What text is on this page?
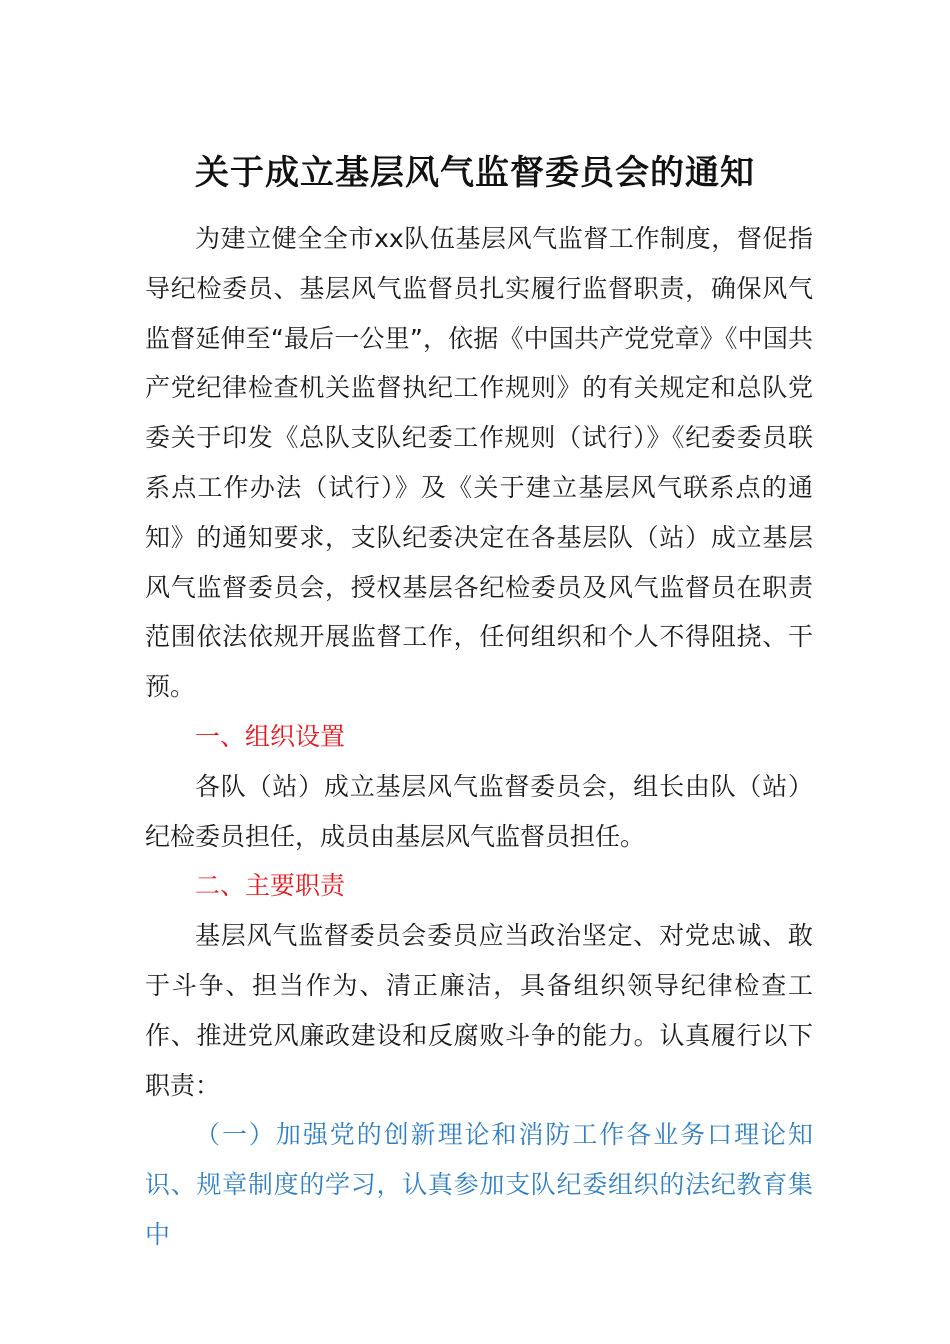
关于成立基层风气监督委员会的通知

为建立健全全市xx队伍基层风气监督工作制度，督促指导纪检委员、基层风气监督员扎实履行监督职责，确保风气监督延伸至“最后一公里”，依据《中国共产党党章》《中国共产党纪律检查机关监督执纪工作规则》的有关规定和总队党委关于印发《总队支队纪委工作规则（试行）》《纪委委员联系点工作办法（试行）》及《关于建立基层风气联系点的通知》的通知要求，支队纪委决定在各基层队（站）成立基层风气监督委员会，授权基层各纪检委员及风气监督员在职责范围依法依规开展监督工作，任何组织和个人不得阻挠、干预。

一、组织设置

各队（站）成立基层风气监督委员会，组长由队（站）纪检委员担任，成员由基层风气监督员担任。

二、主要职责

基层风气监督委员会委员应当政治坚定、对党忠诚、敢于斗争、担当作为、清正廉洁，具备组织领导纪律检查工作、推进党风廉政建设和反腐败斗争的能力。认真履行以下职责：

（一）加强党的创新理论和消防工作各业务口理论知识、规章制度的学习，认真参加支队纪委组织的法纪教育集中
